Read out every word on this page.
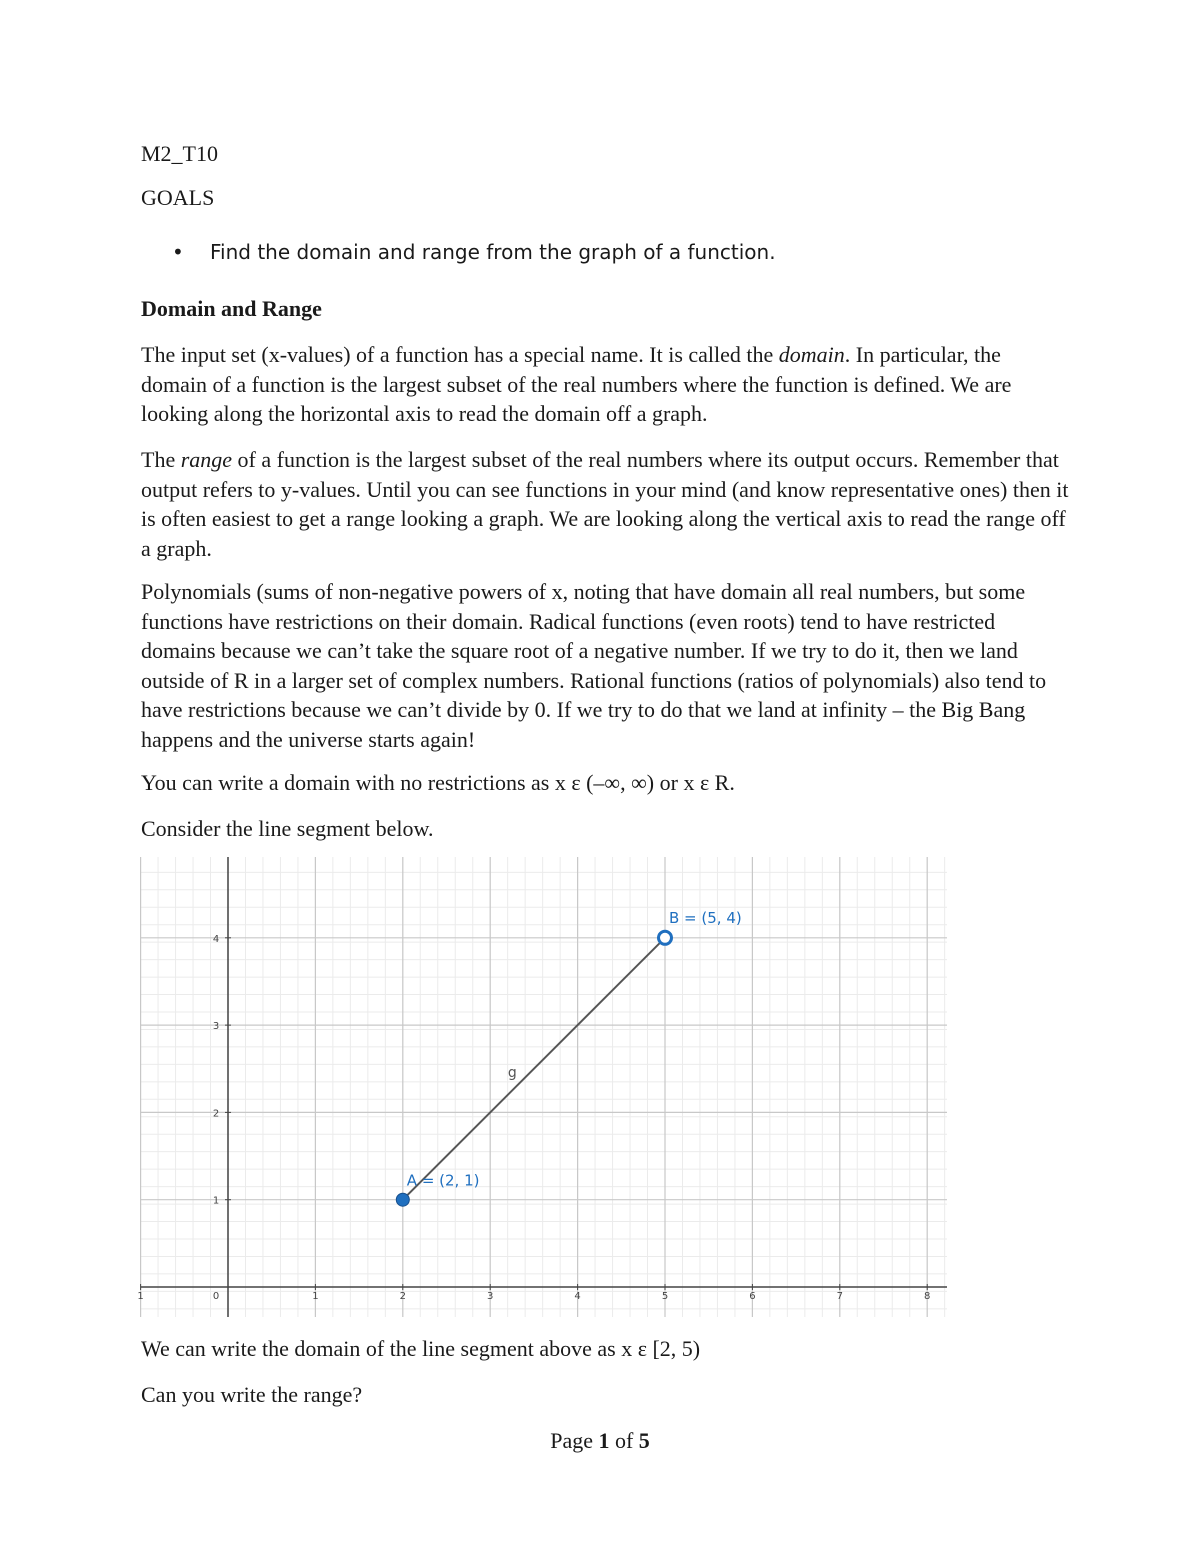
M2_T10
GOALS
•	Find the domain and range from the graph of a function.
Domain and Range
The input set (x-values) of a function has a special name. It is called the domain. In particular, the domain of a function is the largest subset of the real numbers where the function is defined. We are looking along the horizontal axis to read the domain off a graph.
The range of a function is the largest subset of the real numbers where its output occurs. Remember that output refers to y-values. Until you can see functions in your mind (and know representative ones) then it is often easiest to get a range looking a graph. We are looking along the vertical axis to read the range off a graph.
Polynomials (sums of non-negative powers of x, noting that have domain all real numbers, but some functions have restrictions on their domain. Radical functions (even roots) tend to have restricted domains because we can’t take the square root of a negative number. If we try to do it, then we land outside of R in a larger set of complex numbers. Rational functions (ratios of polynomials) also tend to have restrictions because we can’t divide by 0. If we try to do that we land at infinity – the Big Bang happens and the universe starts again!
You can write a domain with no restrictions as x ε (–∞, ∞) or x ε R.
Consider the line segment below.
1	0	1	2	3	4	5	6	7	8
1
2
3
4
g
A = (2, 1)
B = (5, 4)
We can write the domain of the line segment above as x ε [2, 5)
Can you write the range?
Page 1 of 5
